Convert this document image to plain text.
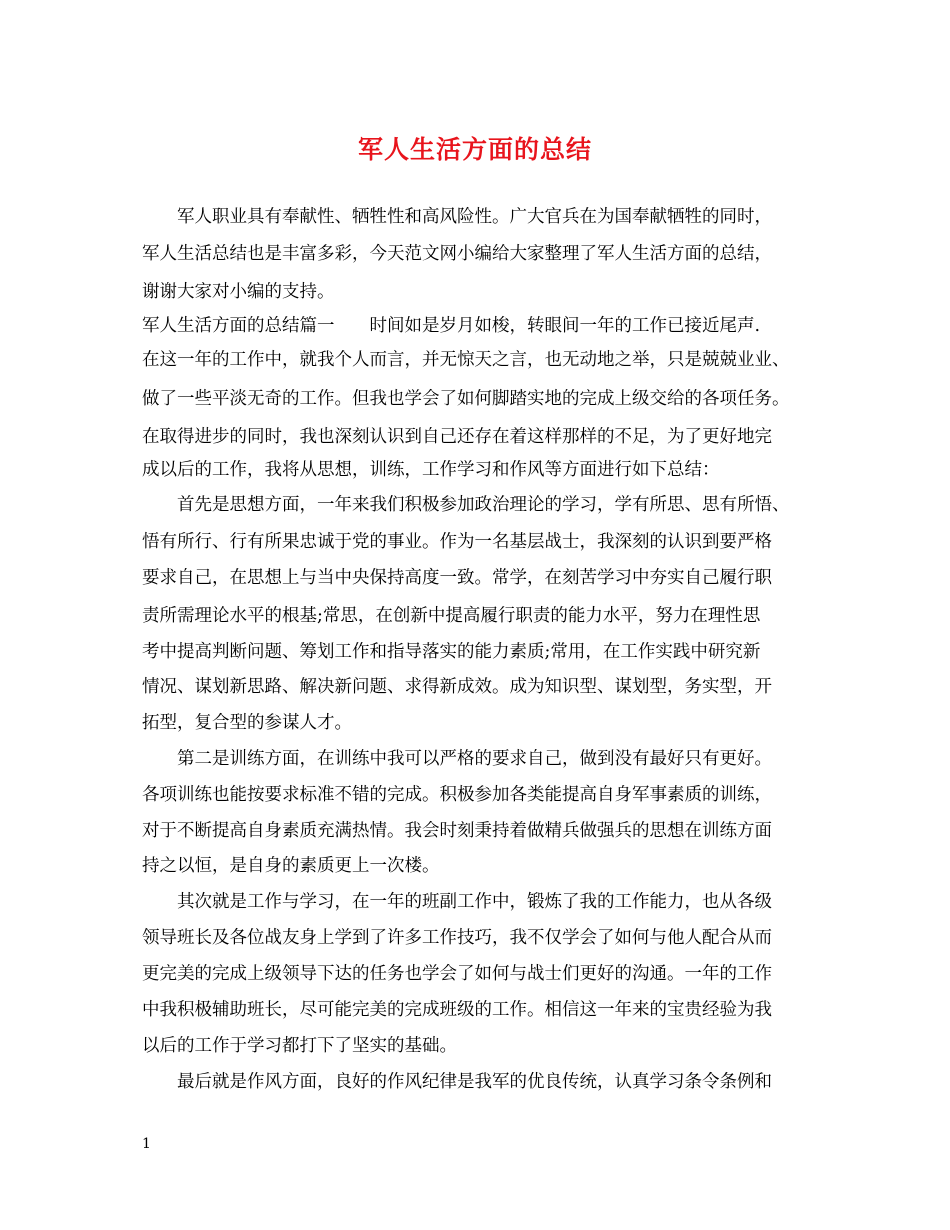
军人生活方面的总结

　　军人职业具有奉献性、牺牲性和高风险性。广大官兵在为国奉献牺牲的同时，

军人生活总结也是丰富多彩，今天范文网小编给大家整理了军人生活方面的总结，

谢谢大家对小编的支持。

军人生活方面的总结篇一　　时间如是岁月如梭，转眼间一年的工作已接近尾声.

在这一年的工作中，就我个人而言，并无惊天之言，也无动地之举，只是兢兢业业、

做了一些平淡无奇的工作。但我也学会了如何脚踏实地的完成上级交给的各项任务。

在取得进步的同时，我也深刻认识到自己还存在着这样那样的不足，为了更好地完

成以后的工作，我将从思想，训练，工作学习和作风等方面进行如下总结：

　　首先是思想方面，一年来我们积极参加政治理论的学习，学有所思、思有所悟、

悟有所行、行有所果忠诚于党的事业。作为一名基层战士，我深刻的认识到要严格

要求自己，在思想上与当中央保持高度一致。常学，在刻苦学习中夯实自己履行职

责所需理论水平的根基;常思，在创新中提高履行职责的能力水平，努力在理性思

考中提高判断问题、筹划工作和指导落实的能力素质;常用，在工作实践中研究新

情况、谋划新思路、解决新问题、求得新成效。成为知识型、谋划型，务实型，开

拓型，复合型的参谋人才。

　　第二是训练方面，在训练中我可以严格的要求自己，做到没有最好只有更好。

各项训练也能按要求标准不错的完成。积极参加各类能提高自身军事素质的训练，

对于不断提高自身素质充满热情。我会时刻秉持着做精兵做强兵的思想在训练方面

持之以恒，是自身的素质更上一次楼。

　　其次就是工作与学习，在一年的班副工作中，锻炼了我的工作能力，也从各级

领导班长及各位战友身上学到了许多工作技巧，我不仅学会了如何与他人配合从而

更完美的完成上级领导下达的任务也学会了如何与战士们更好的沟通。一年的工作

中我积极辅助班长，尽可能完美的完成班级的工作。相信这一年来的宝贵经验为我

以后的工作于学习都打下了坚实的基础。

　　最后就是作风方面，良好的作风纪律是我军的优良传统，认真学习条令条例和

1
